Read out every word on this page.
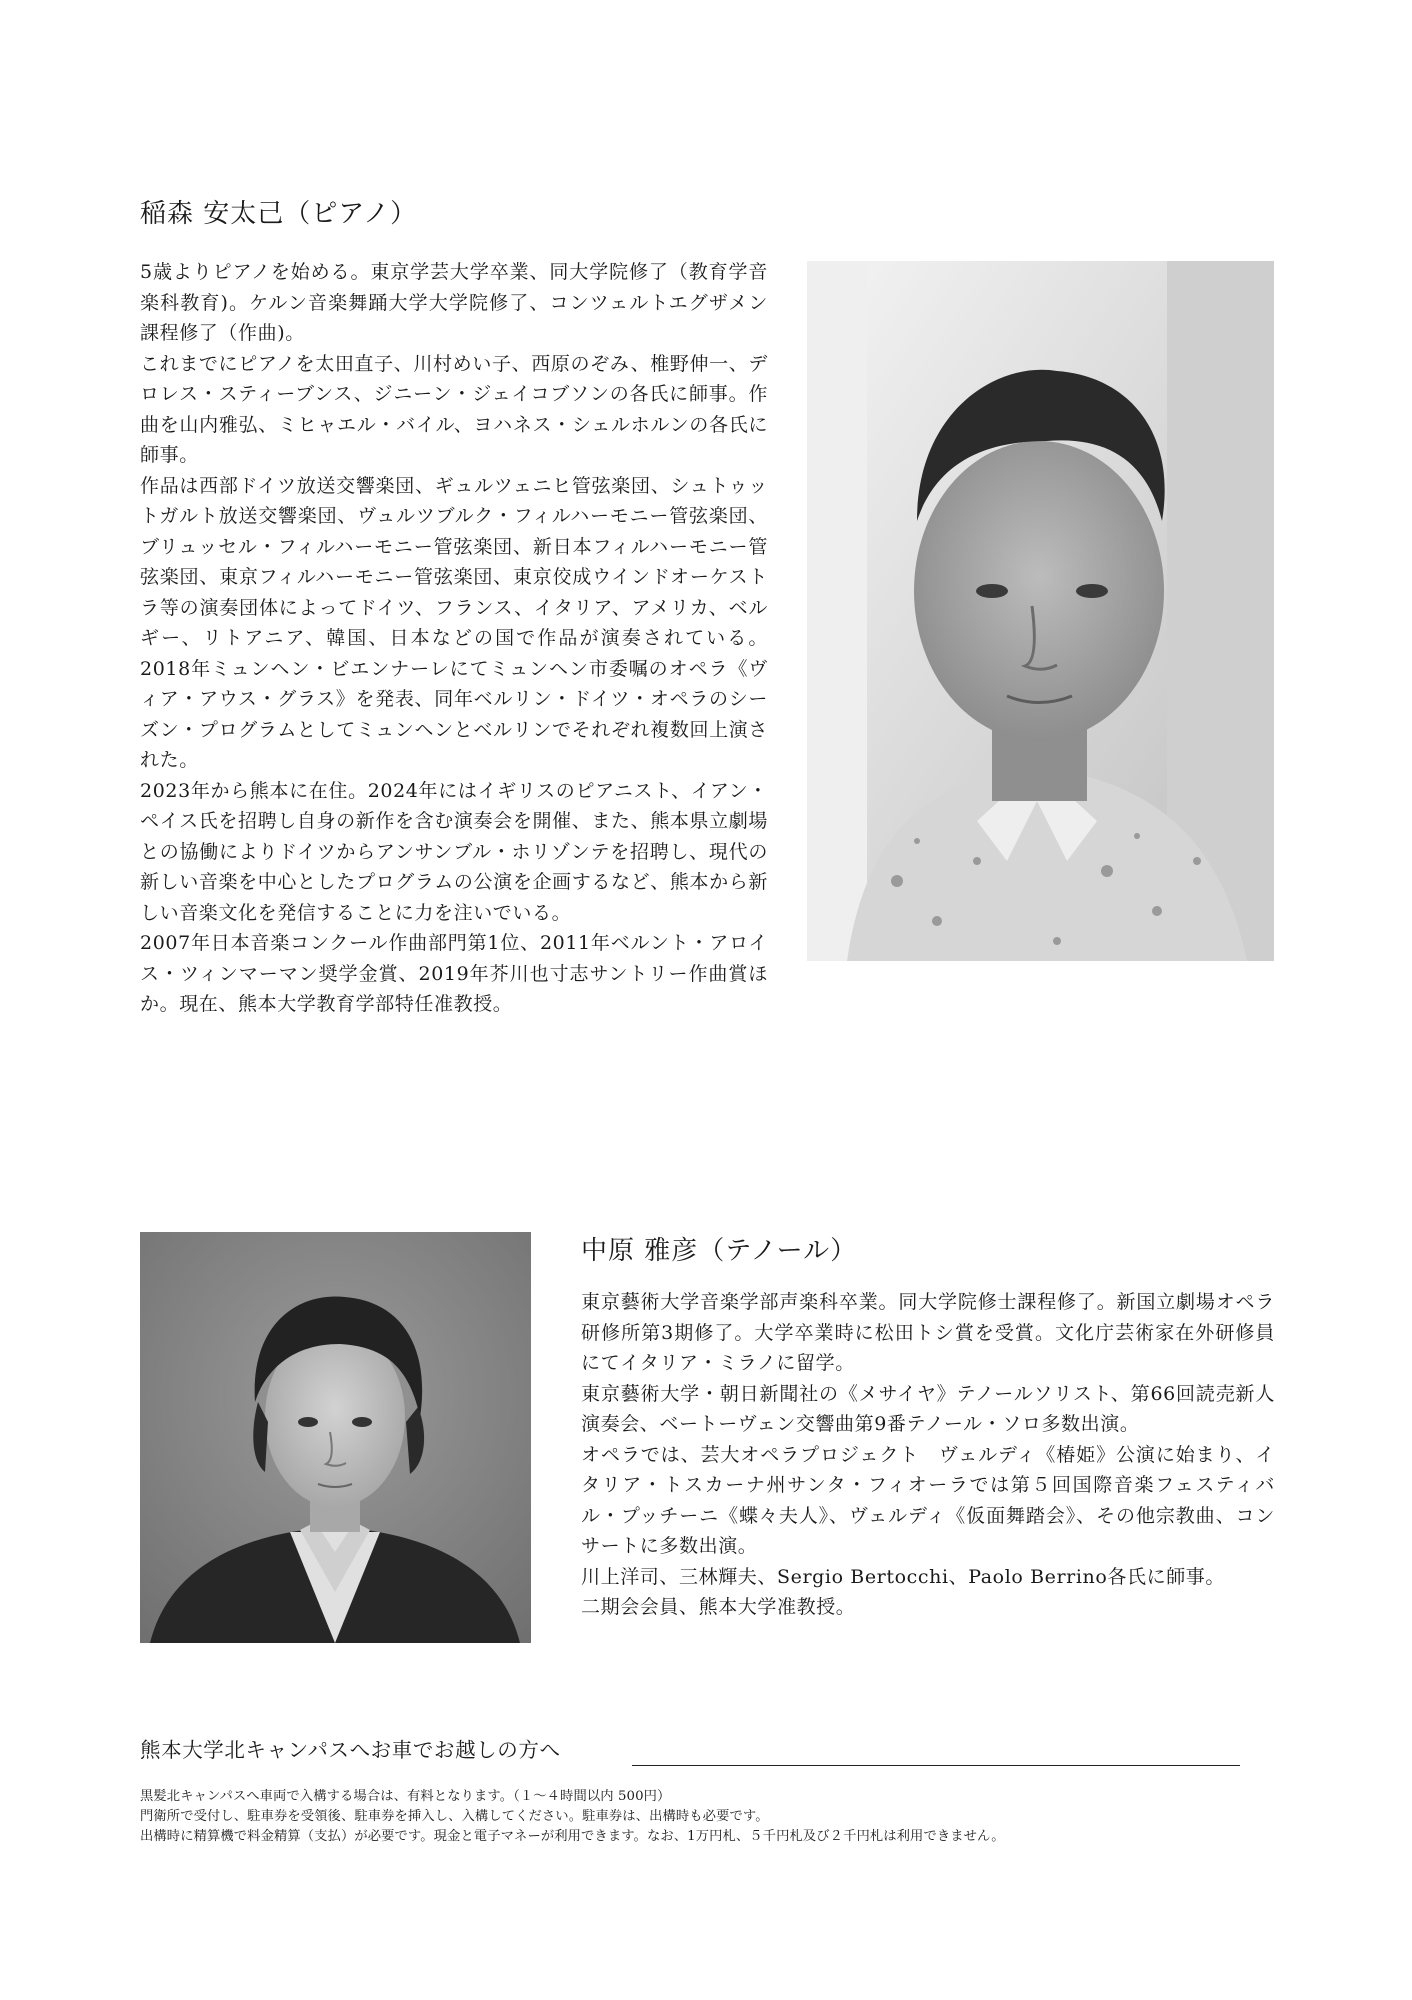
稲森 安太己（ピアノ）

5歳よりピアノを始める。東京学芸大学卒業、同大学院修了（教育学音楽科教育)。ケルン音楽舞踊大学大学院修了、コンツェルトエグザメン課程修了（作曲)。

これまでにピアノを太田直子、川村めい子、西原のぞみ、椎野伸一、デロレス・スティーブンス、ジニーン・ジェイコブソンの各氏に師事。作曲を山内雅弘、ミヒャエル・バイル、ヨハネス・シェルホルンの各氏に師事。

作品は西部ドイツ放送交響楽団、ギュルツェニヒ管弦楽団、シュトゥットガルト放送交響楽団、ヴュルツブルク・フィルハーモニー管弦楽団、ブリュッセル・フィルハーモニー管弦楽団、新日本フィルハーモニー管弦楽団、東京フィルハーモニー管弦楽団、東京佼成ウインドオーケストラ等の演奏団体によってドイツ、フランス、イタリア、アメリカ、ベルギー、リトアニア、韓国、日本などの国で作品が演奏されている。2018年ミュンヘン・ビエンナーレにてミュンヘン市委嘱のオペラ《ヴィア・アウス・グラス》を発表、同年ベルリン・ドイツ・オペラのシーズン・プログラムとしてミュンヘンとベルリンでそれぞれ複数回上演された。

2023年から熊本に在住。2024年にはイギリスのピアニスト、イアン・ペイス氏を招聘し自身の新作を含む演奏会を開催、また、熊本県立劇場との協働によりドイツからアンサンブル・ホリゾンテを招聘し、現代の新しい音楽を中心としたプログラムの公演を企画するなど、熊本から新しい音楽文化を発信することに力を注いでいる。

2007年日本音楽コンクール作曲部門第1位、2011年ベルント・アロイス・ツィンマーマン奨学金賞、2019年芥川也寸志サントリー作曲賞ほか。現在、熊本大学教育学部特任准教授。

中原 雅彦（テノール）

東京藝術大学音楽学部声楽科卒業。同大学院修士課程修了。新国立劇場オペラ研修所第3期修了。大学卒業時に松田トシ賞を受賞。文化庁芸術家在外研修員にてイタリア・ミラノに留学。

東京藝術大学・朝日新聞社の《メサイヤ》テノールソリスト、第66回読売新人演奏会、ベートーヴェン交響曲第9番テノール・ソロ多数出演。

オペラでは、芸大オペラプロジェクト　ヴェルディ《椿姫》公演に始まり、イタリア・トスカーナ州サンタ・フィオーラでは第５回国際音楽フェスティバル・プッチーニ《蝶々夫人》、ヴェルディ《仮面舞踏会》、その他宗教曲、コンサートに多数出演。

川上洋司、三林輝夫、Sergio Bertocchi、Paolo Berrino各氏に師事。

二期会会員、熊本大学准教授。

熊本大学北キャンパスへお車でお越しの方へ

黒髪北キャンパスへ車両で入構する場合は、有料となります。（１～４時間以内 500円）

門衛所で受付し、駐車券を受領後、駐車券を挿入し、入構してください。駐車券は、出構時も必要です。

出構時に精算機で料金精算（支払）が必要です。現金と電子マネーが利用できます。なお、1万円札、５千円札及び２千円札は利用できません。
